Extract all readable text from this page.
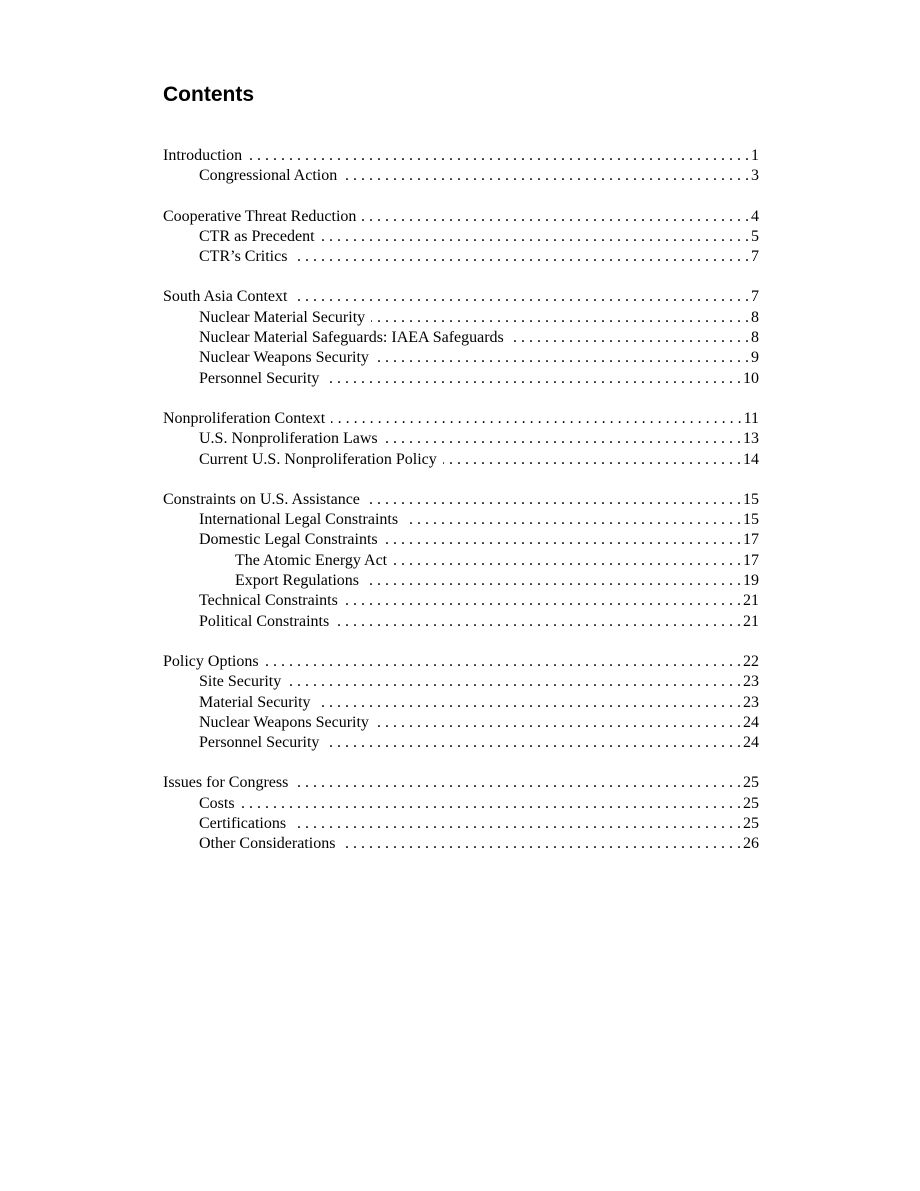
Contents
Introduction . . .	1
Congressional Action . . .	3
Cooperative Threat Reduction . . .	4
CTR as Precedent . . .	5
CTR’s Critics . . .	7
South Asia Context . . .	7
Nuclear Material Security . . .	8
Nuclear Material Safeguards: IAEA Safeguards . . .	8
Nuclear Weapons Security . . .	9
Personnel Security . . .	10
Nonproliferation Context . . .	11
U.S. Nonproliferation Laws . . .	13
Current U.S. Nonproliferation Policy . . .	14
Constraints on U.S. Assistance . . .	15
International Legal Constraints . . .	15
Domestic Legal Constraints . . .	17
The Atomic Energy Act . . .	17
Export Regulations . . .	19
Technical Constraints . . .	21
Political Constraints . . .	21
Policy Options . . .	22
Site Security . . .	23
Material Security . . .	23
Nuclear Weapons Security . . .	24
Personnel Security . . .	24
Issues for Congress . . .	25
Costs . . .	25
Certifications . . .	25
Other Considerations . . .	26
